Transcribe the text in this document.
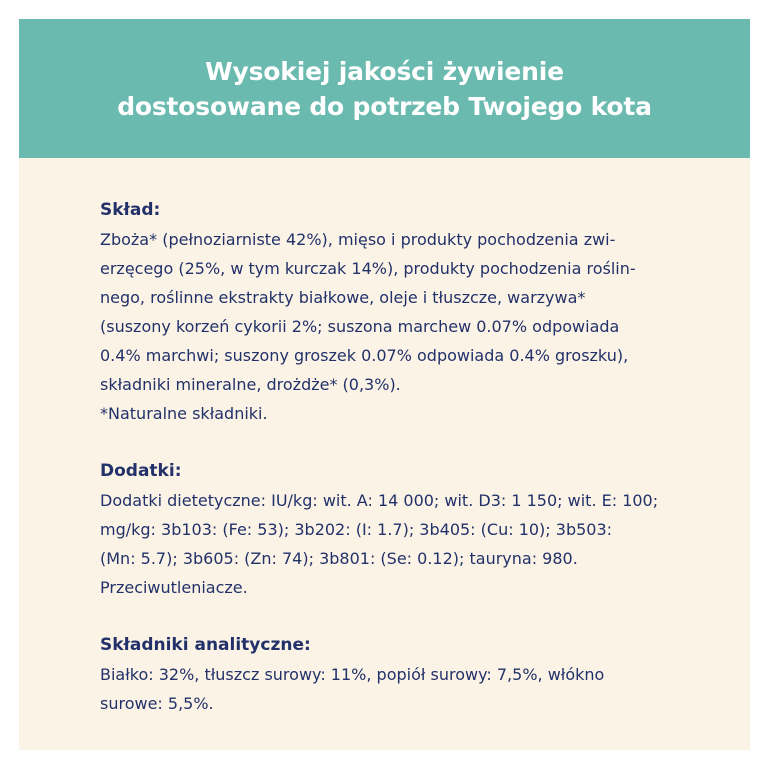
Wysokiej jakości żywienie
dostosowane do potrzeb Twojego kota
Skład:
Zboża* (pełnoziarniste 42%), mięso i produkty pochodzenia zwi-
erzęcego (25%, w tym kurczak 14%), produkty pochodzenia roślin-
nego, roślinne ekstrakty białkowe, oleje i tłuszcze, warzywa*
(suszony korzeń cykorii 2%; suszona marchew 0.07% odpowiada
0.4% marchwi; suszony groszek 0.07% odpowiada 0.4% groszku),
składniki mineralne, drożdże* (0,3%).
*Naturalne składniki.
Dodatki:
Dodatki dietetyczne: IU/kg: wit. A: 14 000; wit. D3: 1 150; wit. E: 100;
mg/kg: 3b103: (Fe: 53); 3b202: (I: 1.7); 3b405: (Cu: 10); 3b503:
(Mn: 5.7); 3b605: (Zn: 74); 3b801: (Se: 0.12); tauryna: 980.
Przeciwutleniacze.
Składniki analityczne:
Białko: 32%, tłuszcz surowy: 11%, popiół surowy: 7,5%, włókno
surowe: 5,5%.
